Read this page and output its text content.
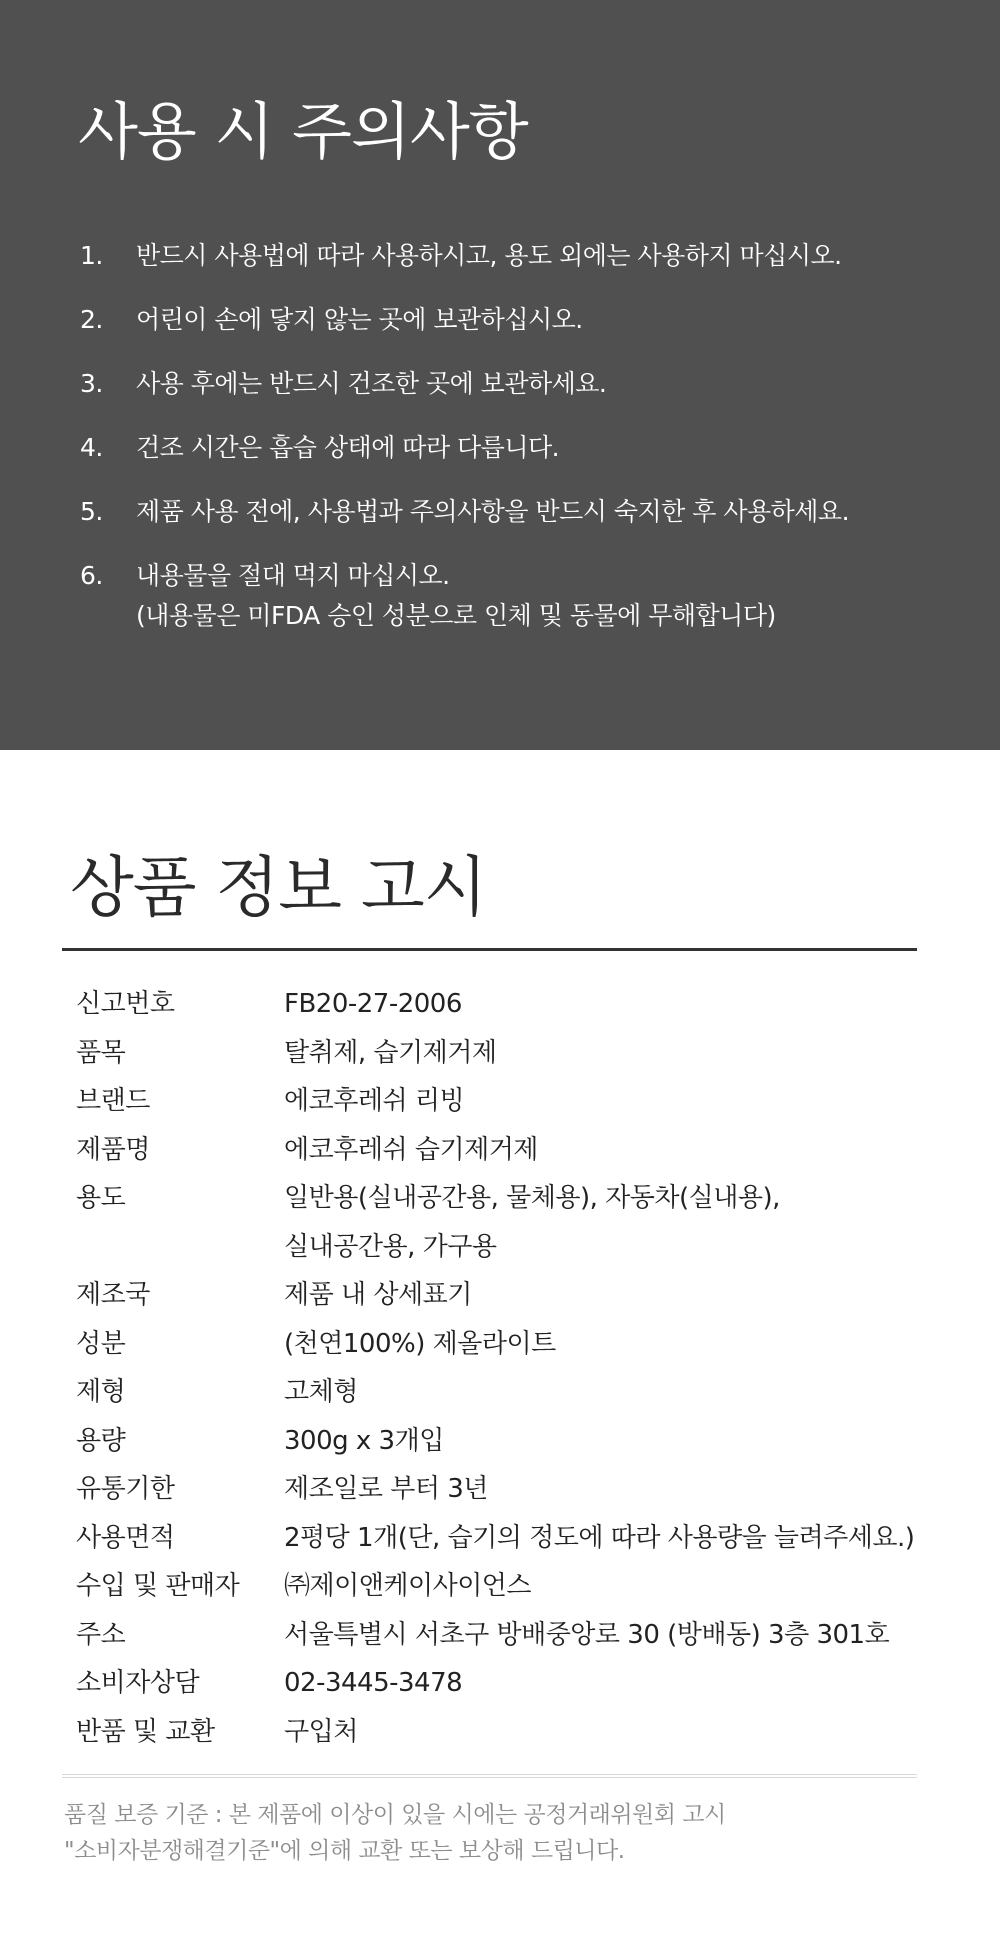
사용 시 주의사항
1.	반드시 사용법에 따라 사용하시고, 용도 외에는 사용하지 마십시오.
2.	어린이 손에 닿지 않는 곳에 보관하십시오.
3.	사용 후에는 반드시 건조한 곳에 보관하세요.
4.	건조 시간은 흡습 상태에 따라 다릅니다.
5.	제품 사용 전에, 사용법과 주의사항을 반드시 숙지한 후 사용하세요.
6.	내용물을 절대 먹지 마십시오.
(내용물은 미FDA 승인 성분으로 인체 및 동물에 무해합니다)
상품 정보 고시
신고번호	FB20-27-2006
품목	탈취제, 습기제거제
브랜드	에코후레쉬 리빙
제품명	에코후레쉬 습기제거제
용도	일반용(실내공간용, 물체용), 자동차(실내용),
실내공간용, 가구용
제조국	제품 내 상세표기
성분	(천연100%) 제올라이트
제형	고체형
용량	300g x 3개입
유통기한	제조일로 부터 3년
사용면적	2평당 1개(단, 습기의 정도에 따라 사용량을 늘려주세요.)
수입 및 판매자	㈜제이앤케이사이언스
주소	서울특별시 서초구 방배중앙로 30 (방배동) 3층 301호
소비자상담	02-3445-3478
반품 및 교환	구입처
품질 보증 기준 : 본 제품에 이상이 있을 시에는 공정거래위원회 고시
"소비자분쟁해결기준"에 의해 교환 또는 보상해 드립니다.
